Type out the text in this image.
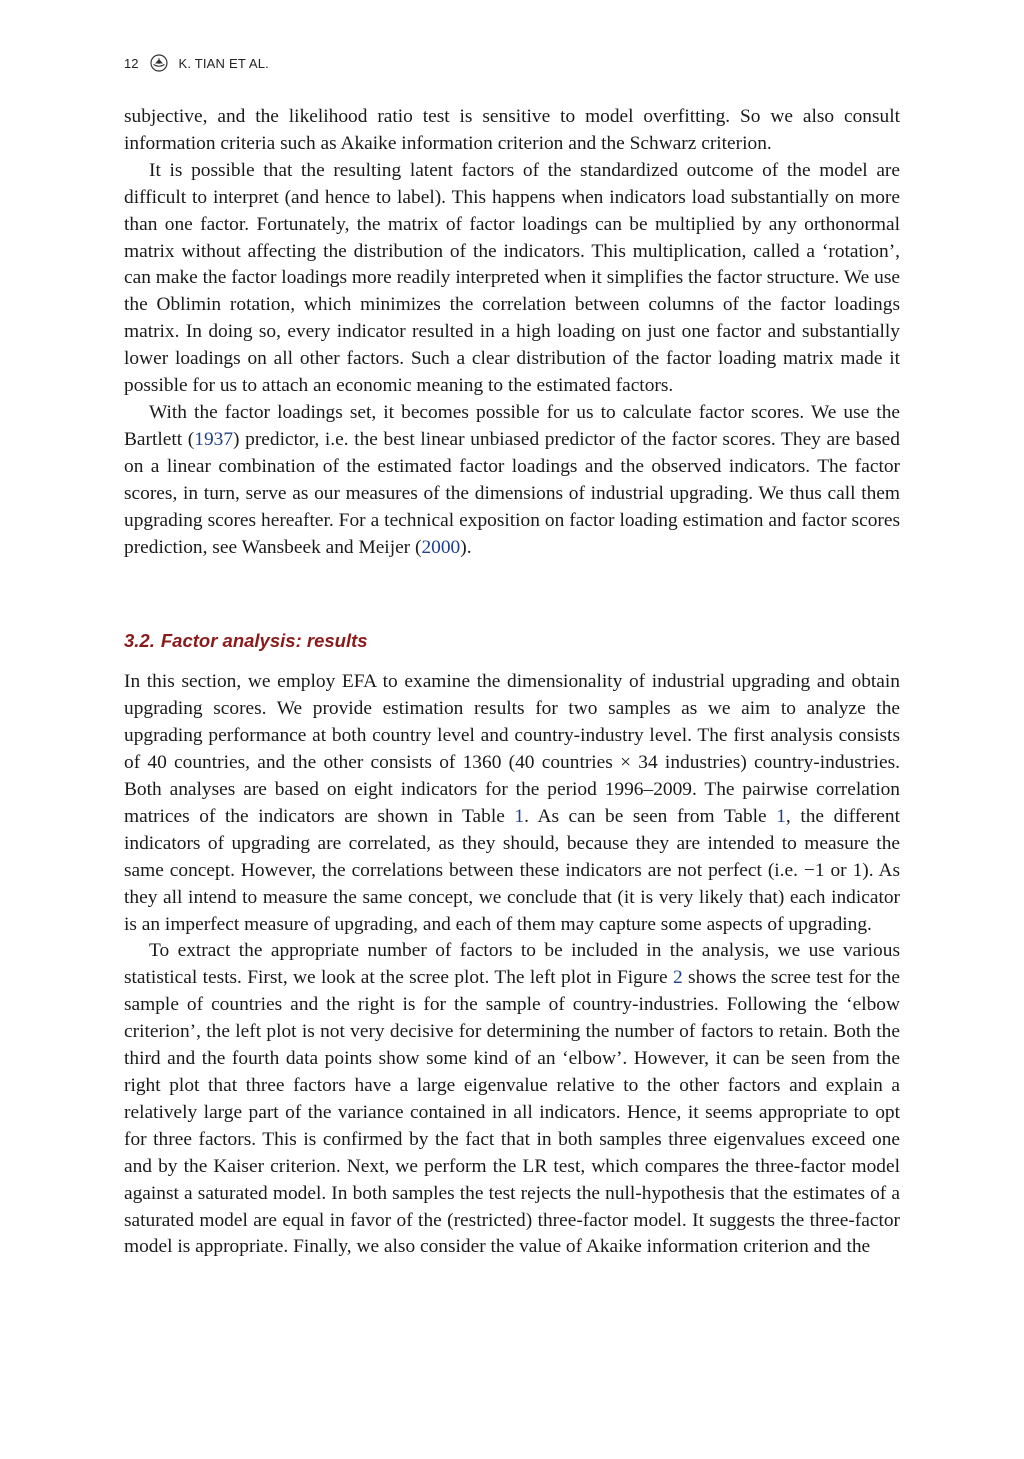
12	K. TIAN ET AL.

subjective, and the likelihood ratio test is sensitive to model overfitting. So we also consult information criteria such as Akaike information criterion and the Schwarz criterion.

It is possible that the resulting latent factors of the standardized outcome of the model are difficult to interpret (and hence to label). This happens when indicators load substantially on more than one factor. Fortunately, the matrix of factor loadings can be multiplied by any orthonormal matrix without affecting the distribution of the indicators. This multiplication, called a ‘rotation’, can make the factor loadings more readily interpreted when it simplifies the factor structure. We use the Oblimin rotation, which minimizes the correlation between columns of the factor loadings matrix. In doing so, every indicator resulted in a high loading on just one factor and substantially lower loadings on all other factors. Such a clear distribution of the factor loading matrix made it possible for us to attach an economic meaning to the estimated factors.

With the factor loadings set, it becomes possible for us to calculate factor scores. We use the Bartlett (1937) predictor, i.e. the best linear unbiased predictor of the factor scores. They are based on a linear combination of the estimated factor loadings and the observed indicators. The factor scores, in turn, serve as our measures of the dimensions of industrial upgrading. We thus call them upgrading scores hereafter. For a technical exposition on factor loading estimation and factor scores prediction, see Wansbeek and Meijer (2000).

3.2. Factor analysis: results

In this section, we employ EFA to examine the dimensionality of industrial upgrading and obtain upgrading scores. We provide estimation results for two samples as we aim to analyze the upgrading performance at both country level and country-industry level. The first analysis consists of 40 countries, and the other consists of 1360 (40 countries × 34 industries) country-industries. Both analyses are based on eight indicators for the period 1996–2009. The pairwise correlation matrices of the indicators are shown in Table 1. As can be seen from Table 1, the different indicators of upgrading are correlated, as they should, because they are intended to measure the same concept. However, the correlations between these indicators are not perfect (i.e. −1 or 1). As they all intend to measure the same concept, we conclude that (it is very likely that) each indicator is an imperfect measure of upgrading, and each of them may capture some aspects of upgrading.

To extract the appropriate number of factors to be included in the analysis, we use various statistical tests. First, we look at the scree plot. The left plot in Figure 2 shows the scree test for the sample of countries and the right is for the sample of country-industries. Following the ‘elbow criterion’, the left plot is not very decisive for determining the number of factors to retain. Both the third and the fourth data points show some kind of an ‘elbow’. However, it can be seen from the right plot that three factors have a large eigenvalue relative to the other factors and explain a relatively large part of the variance contained in all indicators. Hence, it seems appropriate to opt for three factors. This is confirmed by the fact that in both samples three eigenvalues exceed one and by the Kaiser criterion. Next, we perform the LR test, which compares the three-factor model against a saturated model. In both samples the test rejects the null-hypothesis that the estimates of a saturated model are equal in favor of the (restricted) three-factor model. It suggests the three-factor model is appropriate. Finally, we also consider the value of Akaike information criterion and the
